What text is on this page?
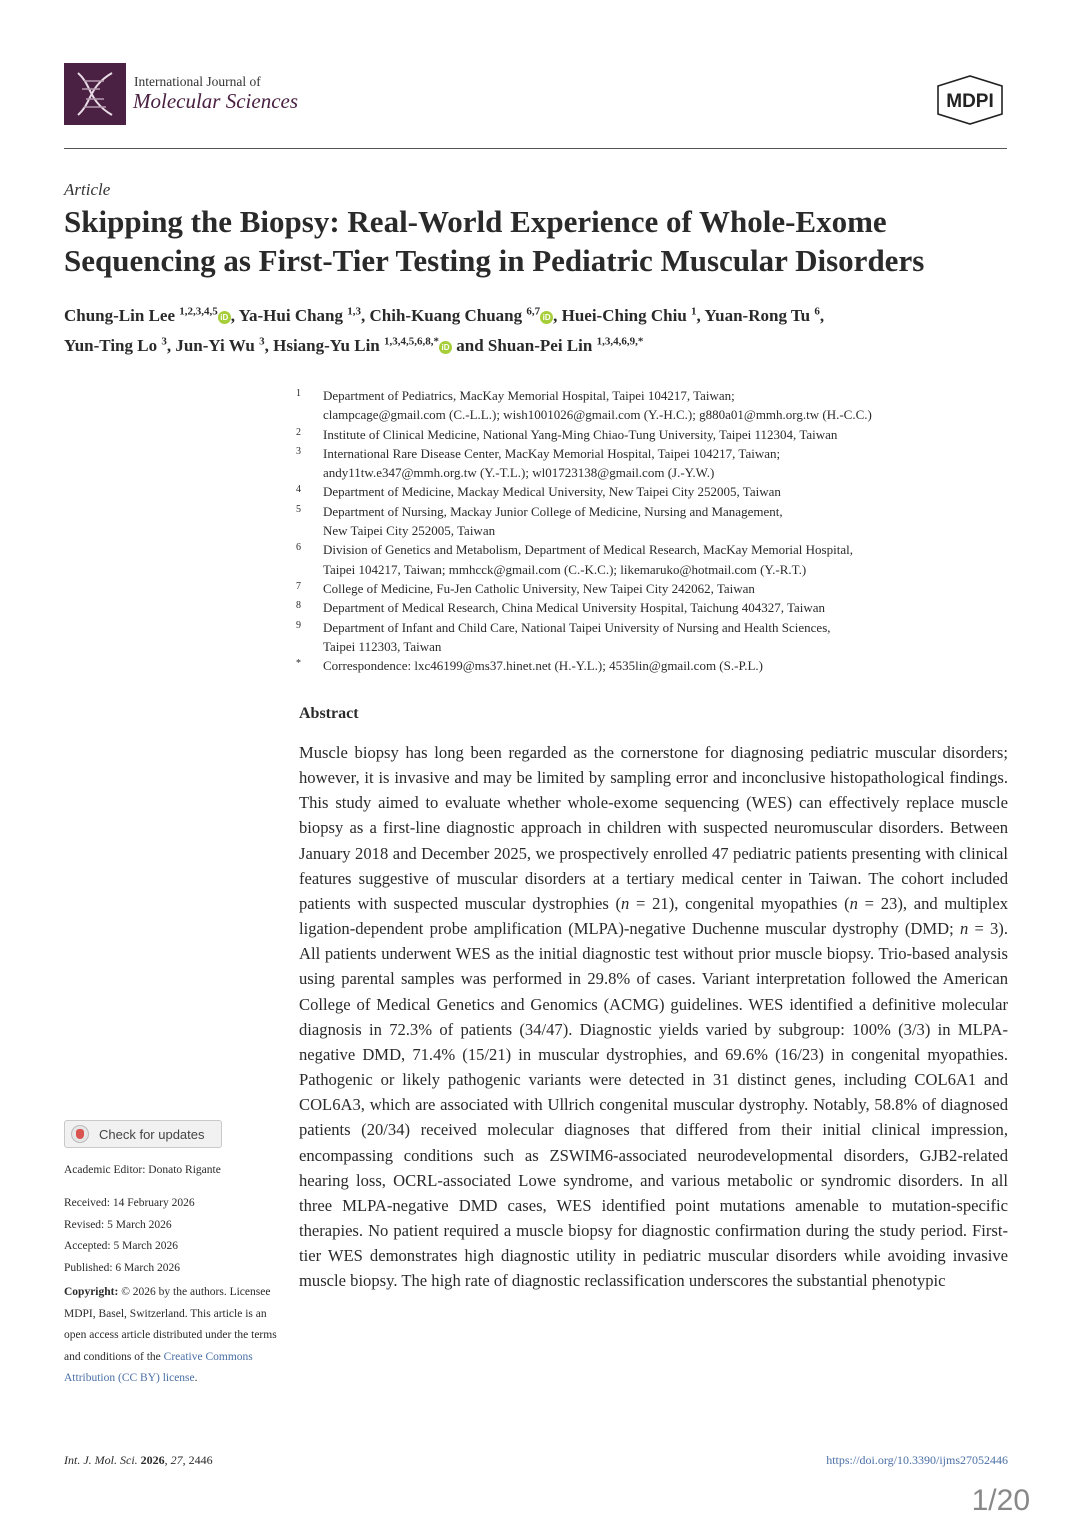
International Journal of
Molecular Sciences	MDPI
Article
Skipping the Biopsy: Real-World Experience of Whole-Exome Sequencing as First-Tier Testing in Pediatric Muscular Disorders
Chung-Lin Lee $^{1,2,3,4,5}$iD , Ya-Hui Chang $^{1,3}$, Chih-Kuang Chuang $^{6,7}$iD , Huei-Ching Chiu $^1$, Yuan-Rong Tu $^6$,
Yun-Ting Lo $^3$, Jun-Yi Wu $^3$, Hsiang-Yu Lin $^{1,3,4,5,6,8,*}$iD and Shuan-Pei Lin $^{1,3,4,6,9,*}$
1	Department of Pediatrics, MacKay Memorial Hospital, Taipei 104217, Taiwan;
clampcage@gmail.com (C.-L.L.); wish1001026@gmail.com (Y.-H.C.); g880a01@mmh.org.tw (H.-C.C.)
2	Institute of Clinical Medicine, National Yang-Ming Chiao-Tung University, Taipei 112304, Taiwan
3	International Rare Disease Center, MacKay Memorial Hospital, Taipei 104217, Taiwan;
andy11tw.e347@mmh.org.tw (Y.-T.L.); wl01723138@gmail.com (J.-Y.W.)
4	Department of Medicine, Mackay Medical University, New Taipei City 252005, Taiwan
5	Department of Nursing, Mackay Junior College of Medicine, Nursing and Management,
New Taipei City 252005, Taiwan
6	Division of Genetics and Metabolism, Department of Medical Research, MacKay Memorial Hospital,
Taipei 104217, Taiwan; mmhcck@gmail.com (C.-K.C.); likemaruko@hotmail.com (Y.-R.T.)
7	College of Medicine, Fu-Jen Catholic University, New Taipei City 242062, Taiwan
8	Department of Medical Research, China Medical University Hospital, Taichung 404327, Taiwan
9	Department of Infant and Child Care, National Taipei University of Nursing and Health Sciences,
Taipei 112303, Taiwan
*	Correspondence: lxc46199@ms37.hinet.net (H.-Y.L.); 4535lin@gmail.com (S.-P.L.)
Abstract
Muscle biopsy has long been regarded as the cornerstone for diagnosing pediatric muscular disorders; however, it is invasive and may be limited by sampling error and inconclusive histopathological findings. This study aimed to evaluate whether whole-exome sequencing (WES) can effectively replace muscle biopsy as a first-line diagnostic approach in children with suspected neuromuscular disorders. Between January 2018 and December 2025, we prospectively enrolled 47 pediatric patients presenting with clinical features suggestive of muscular disorders at a tertiary medical center in Taiwan. The cohort included patients with suspected muscular dystrophies (n = 21), congenital myopathies (n = 23), and multiplex ligation-dependent probe amplification (MLPA)-negative Duchenne muscular dystrophy (DMD; n = 3). All patients underwent WES as the initial diagnostic test without prior muscle biopsy. Trio-based analysis using parental samples was performed in 29.8% of cases. Variant interpretation followed the American College of Medical Genetics and Genomics (ACMG) guidelines. WES identified a definitive molecular diagnosis in 72.3% of patients (34/47). Diagnostic yields varied by subgroup: 100% (3/3) in MLPA-negative DMD, 71.4% (15/21) in muscular dystrophies, and 69.6% (16/23) in congenital myopathies. Pathogenic or likely pathogenic variants were detected in 31 distinct genes, including COL6A1 and COL6A3, which are associated with Ullrich congenital muscular dystrophy. Notably, 58.8% of diagnosed patients (20/34) received molecular diagnoses that differed from their initial clinical impression, encompassing conditions such as ZSWIM6-associated neurodevelopmental disorders, GJB2-related hearing loss, OCRL-associated Lowe syndrome, and various metabolic or syndromic disorders. In all three MLPA-negative DMD cases, WES identified point mutations amenable to mutation-specific therapies. No patient required a muscle biopsy for diagnostic confirmation during the study period. First-tier WES demonstrates high diagnostic utility in pediatric muscular disorders while avoiding invasive muscle biopsy. The high rate of diagnostic reclassification underscores the substantial phenotypic
Check for updates
Academic Editor: Donato Rigante
Received: 14 February 2026
Revised: 5 March 2026
Accepted: 5 March 2026
Published: 6 March 2026
Copyright: © 2026 by the authors. Licensee MDPI, Basel, Switzerland. This article is an open access article distributed under the terms and conditions of the Creative Commons Attribution (CC BY) license.
Int. J. Mol. Sci. 2026, 27, 2446	https://doi.org/10.3390/ijms27052446
1/20
